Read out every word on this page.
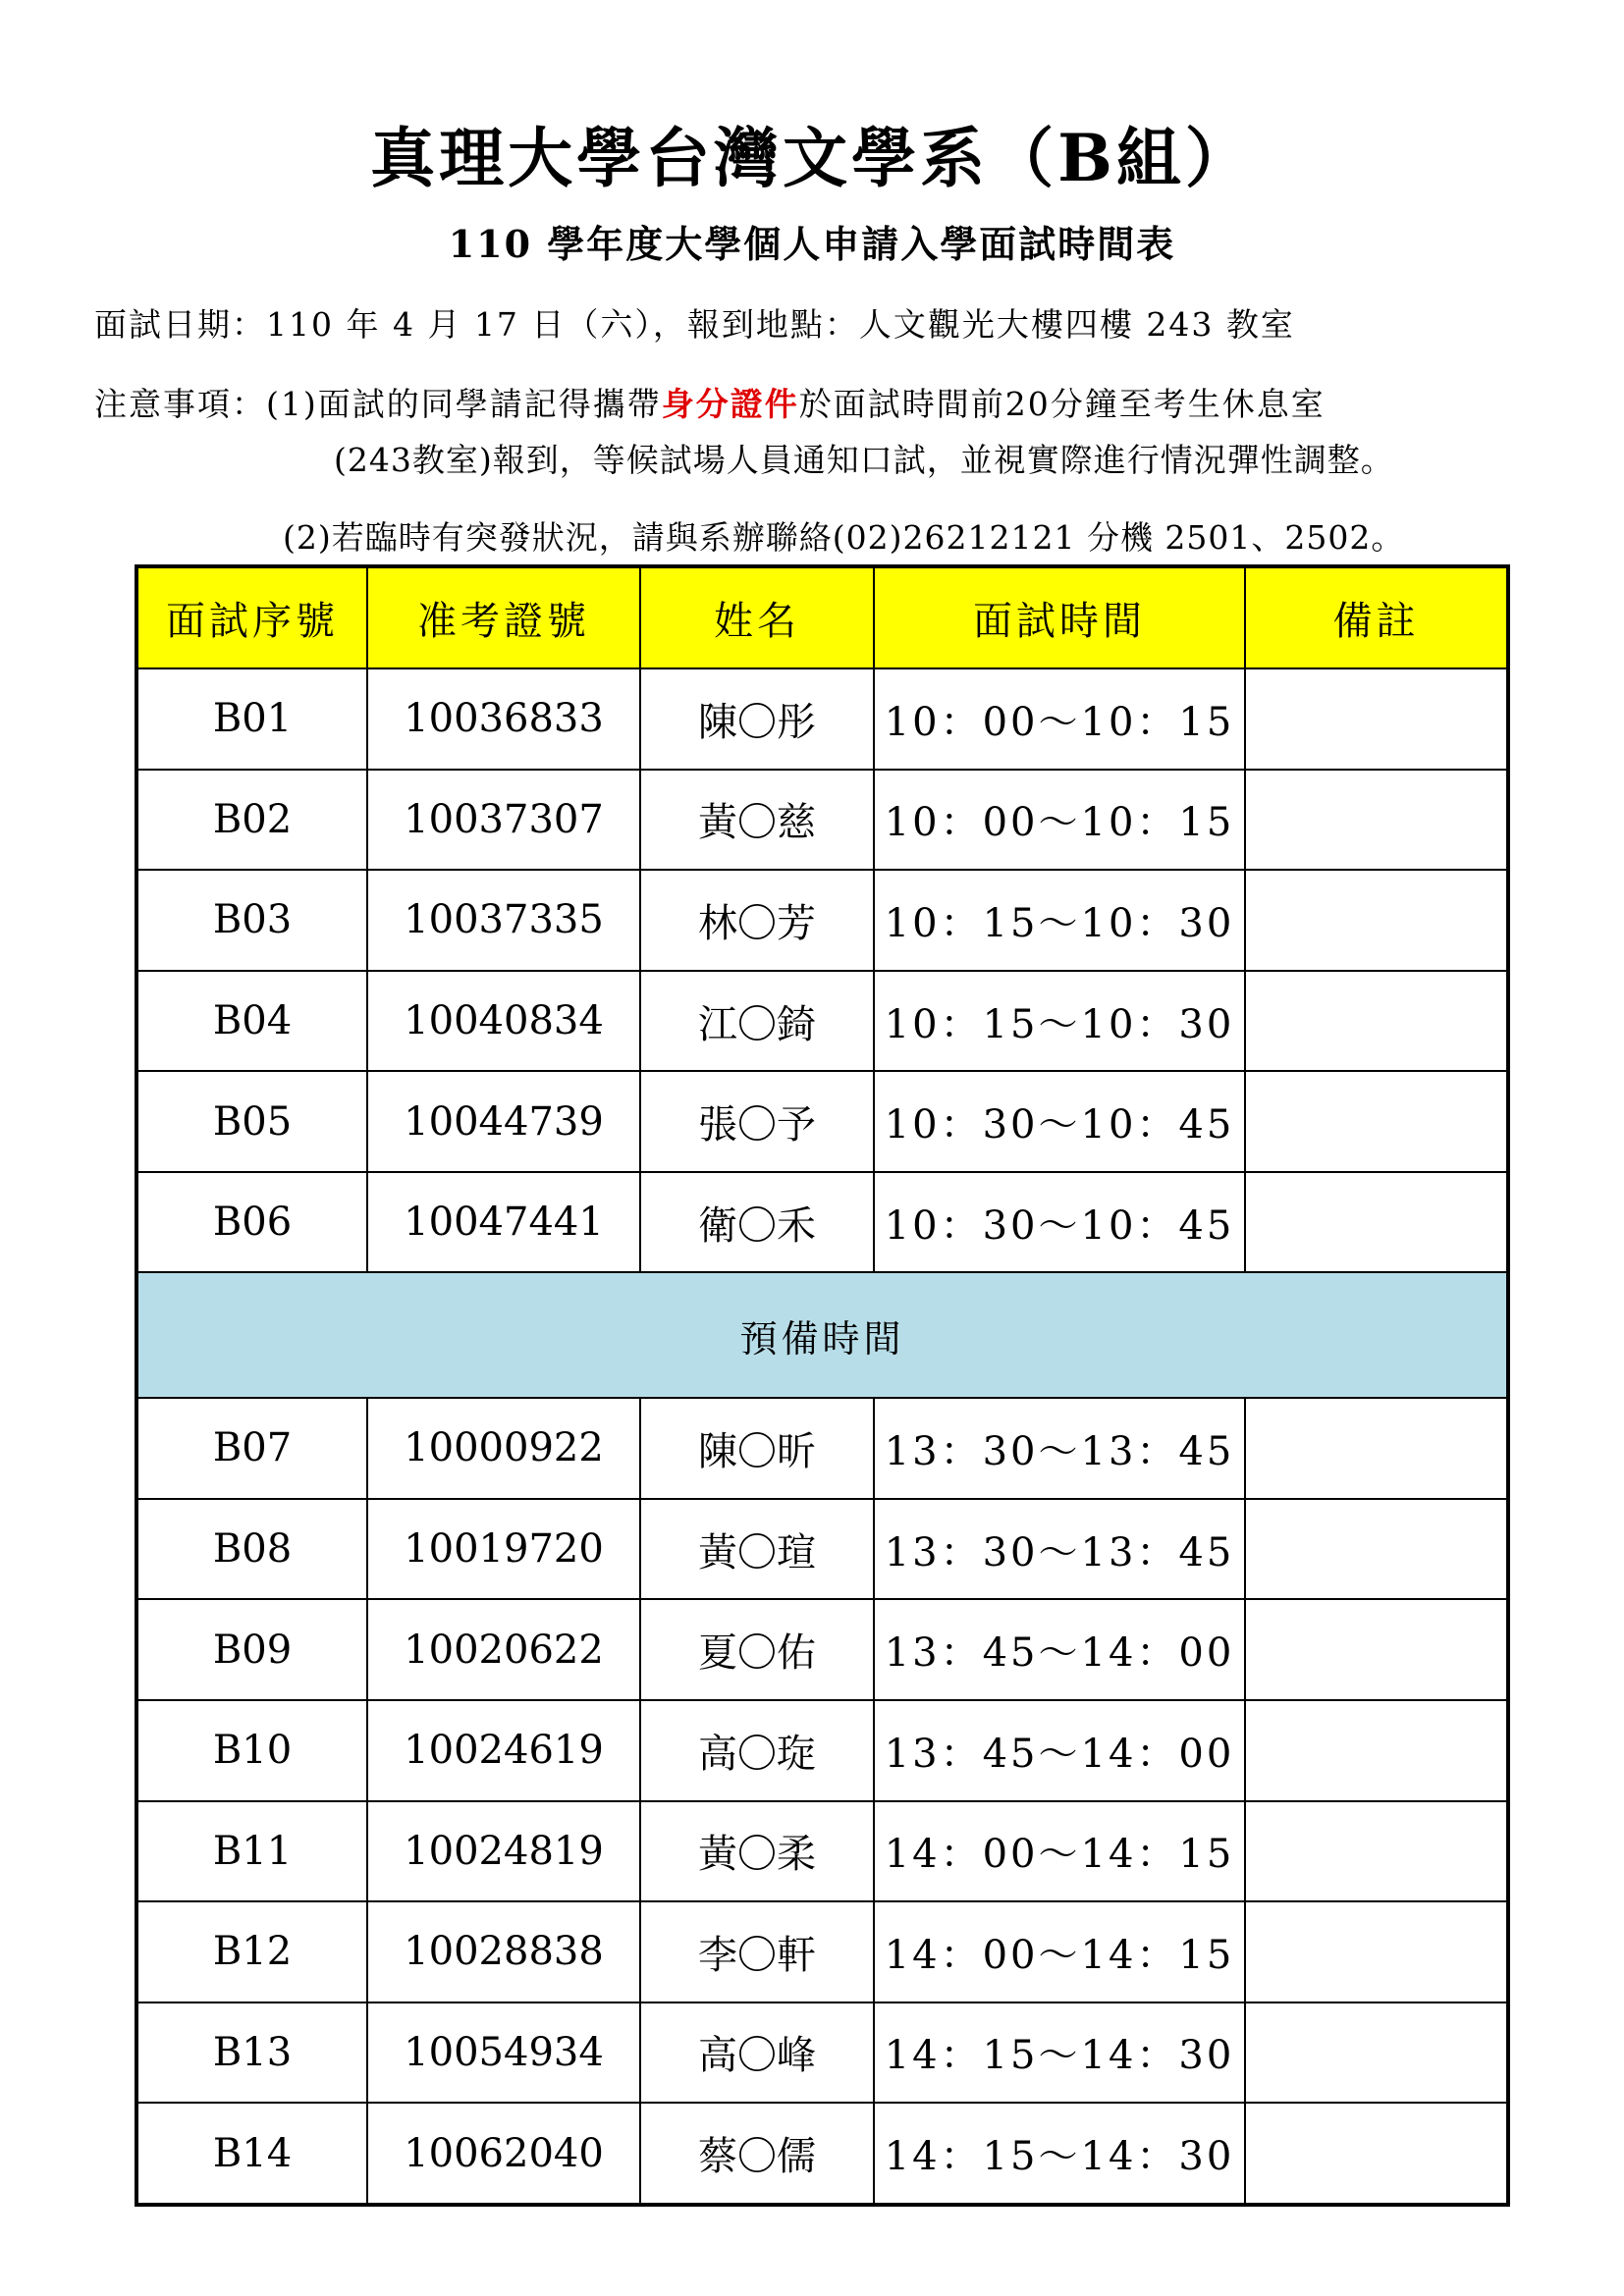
真理大學台灣文學系（B組）
110 學年度大學個人申請入學面試時間表
面試日期：110 年 4 月 17 日（六），報到地點：人文觀光大樓四樓 243 教室
注意事項：(1)面試的同學請記得攜帶身分證件於面試時間前20分鐘至考生休息室
(243教室)報到，等候試場人員通知口試，並視實際進行情況彈性調整。
(2)若臨時有突發狀況，請與系辦聯絡(02)26212121 分機 2501、2502。
面試序號	准考證號	姓名	面試時間	備註
B01	10036833	陳〇彤	10：00～10：15	
B02	10037307	黃〇慈	10：00～10：15	
B03	10037335	林〇芳	10：15～10：30	
B04	10040834	江〇錡	10：15～10：30	
B05	10044739	張〇予	10：30～10：45	
B06	10047441	衛〇禾	10：30～10：45	
預備時間				
B07	10000922	陳〇昕	13：30～13：45	
B08	10019720	黃〇瑄	13：30～13：45	
B09	10020622	夏〇佑	13：45～14：00	
B10	10024619	高〇琁	13：45～14：00	
B11	10024819	黃〇柔	14：00～14：15	
B12	10028838	李〇軒	14：00～14：15	
B13	10054934	高〇峰	14：15～14：30	
B14	10062040	蔡〇儒	14：15～14：30	
